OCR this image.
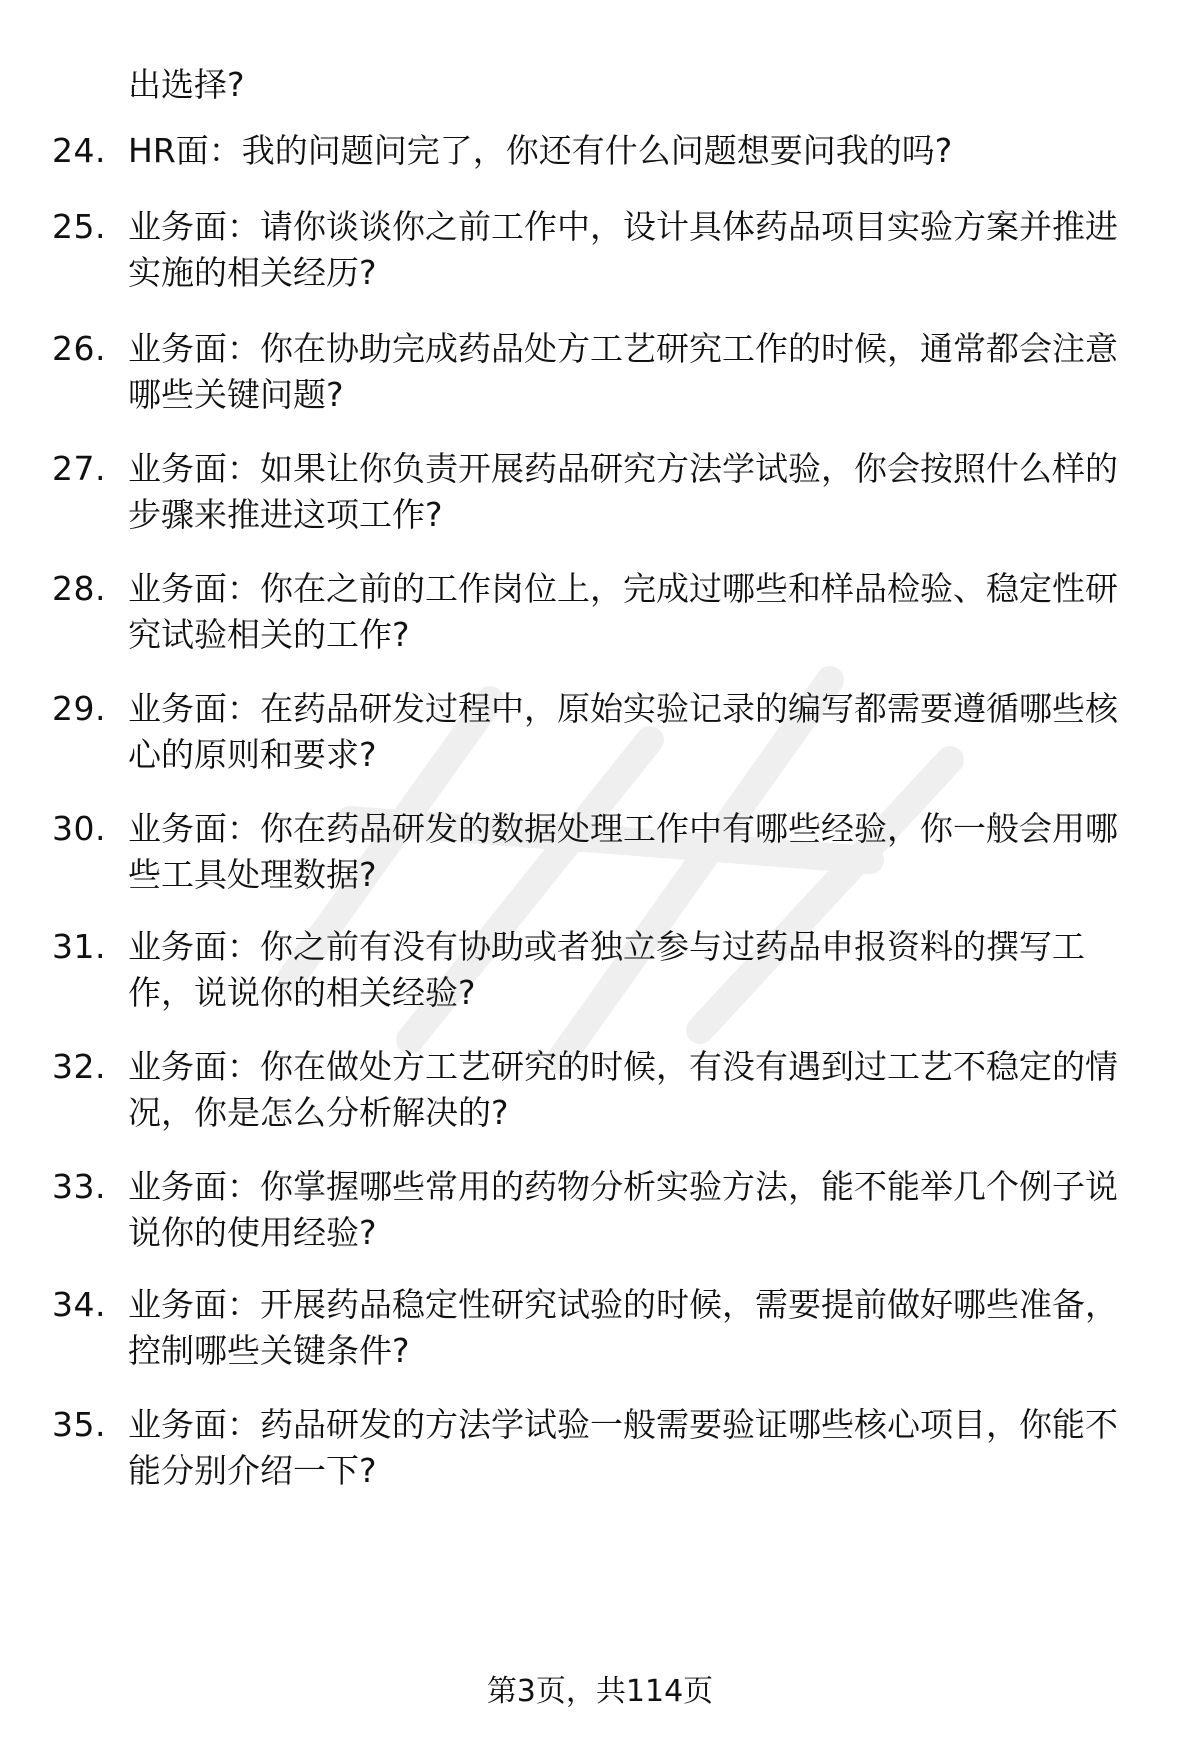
出选择?
24. HR面：我的问题问完了，你还有什么问题想要问我的吗?
25. 业务面：请你谈谈你之前工作中，设计具体药品项目实验方案并推进实施的相关经历?
26. 业务面：你在协助完成药品处方工艺研究工作的时候，通常都会注意哪些关键问题?
27. 业务面：如果让你负责开展药品研究方法学试验，你会按照什么样的步骤来推进这项工作?
28. 业务面：你在之前的工作岗位上，完成过哪些和样品检验、稳定性研究试验相关的工作?
29. 业务面：在药品研发过程中，原始实验记录的编写都需要遵循哪些核心的原则和要求?
30. 业务面：你在药品研发的数据处理工作中有哪些经验，你一般会用哪些工具处理数据?
31. 业务面：你之前有没有协助或者独立参与过药品申报资料的撰写工作，说说你的相关经验?
32. 业务面：你在做处方工艺研究的时候，有没有遇到过工艺不稳定的情况，你是怎么分析解决的?
33. 业务面：你掌握哪些常用的药物分析实验方法，能不能举几个例子说说你的使用经验?
34. 业务面：开展药品稳定性研究试验的时候，需要提前做好哪些准备，控制哪些关键条件?
35. 业务面：药品研发的方法学试验一般需要验证哪些核心项目，你能不能分别介绍一下?
第3页，共114页
